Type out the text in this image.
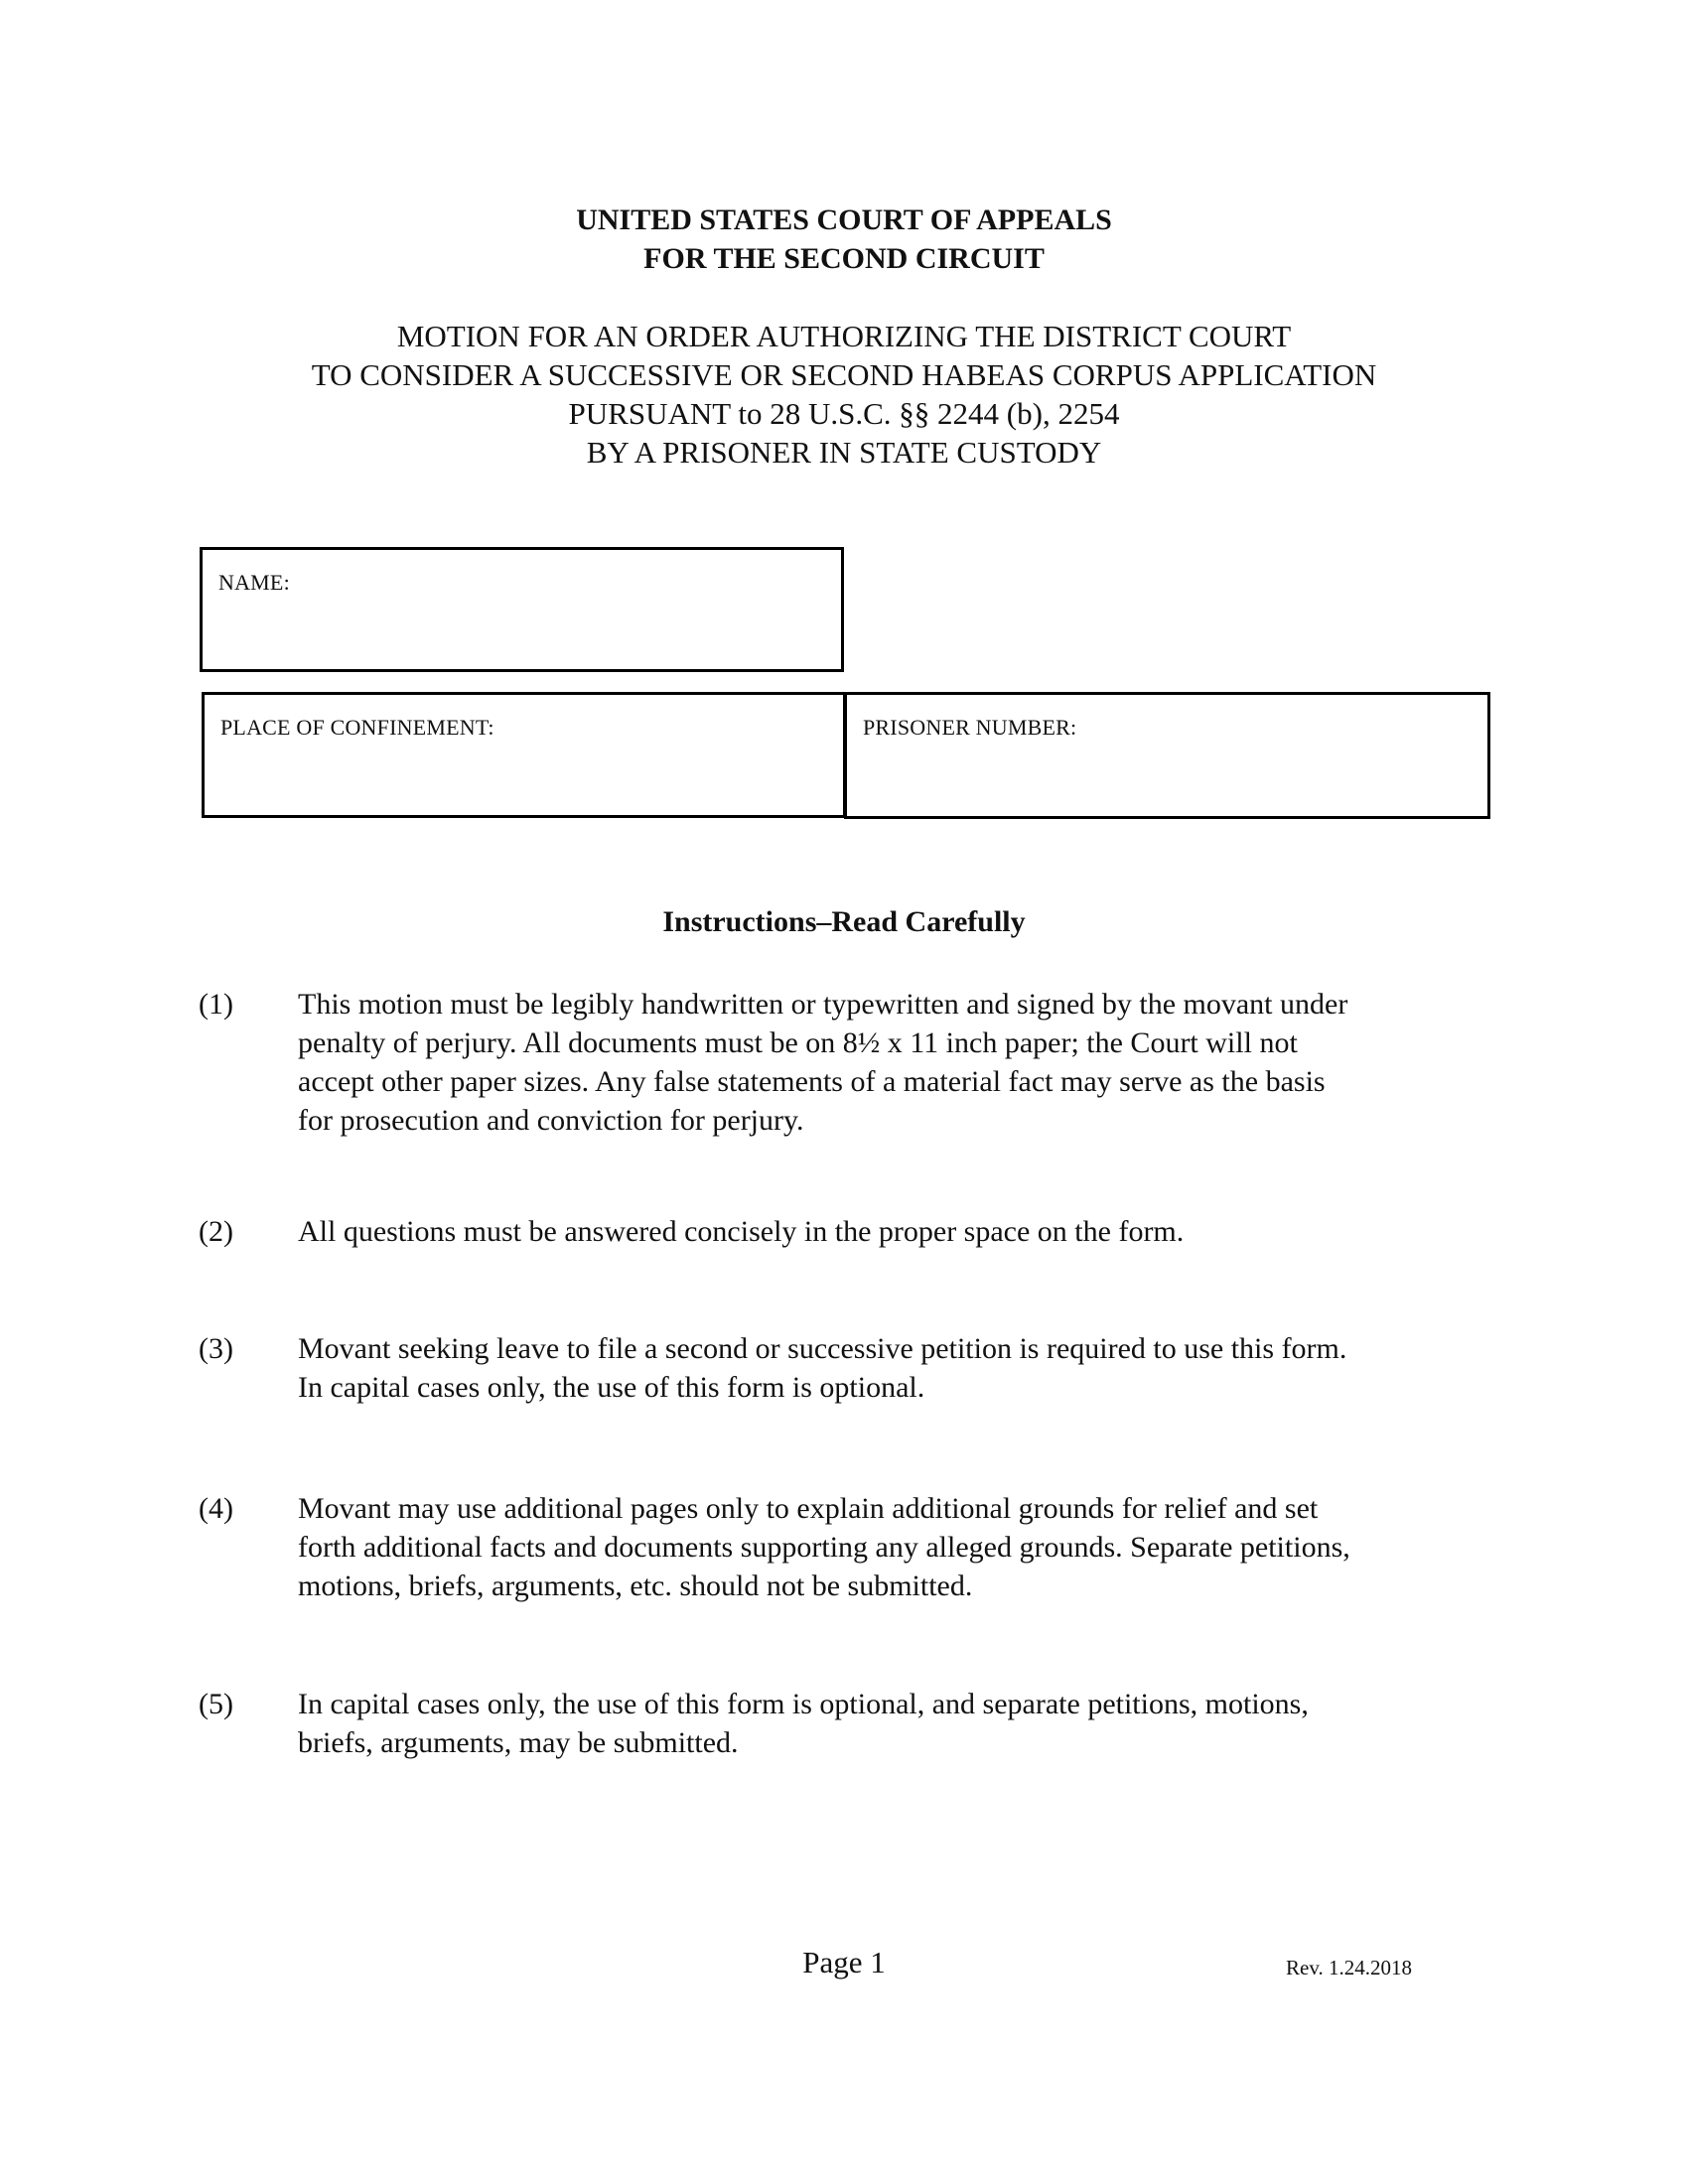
UNITED STATES COURT OF APPEALS
FOR THE SECOND CIRCUIT
MOTION FOR AN ORDER AUTHORIZING THE DISTRICT COURT
TO CONSIDER A SUCCESSIVE OR SECOND HABEAS CORPUS APPLICATION
PURSUANT to 28 U.S.C. §§ 2244 (b), 2254
BY A PRISONER IN STATE CUSTODY
NAME:
PLACE OF CONFINEMENT:	PRISONER NUMBER:
Instructions–Read Carefully
(1) This motion must be legibly handwritten or typewritten and signed by the movant under
penalty of perjury. All documents must be on 8½ x 11 inch paper; the Court will not
accept other paper sizes. Any false statements of a material fact may serve as the basis
for prosecution and conviction for perjury.
(2) All questions must be answered concisely in the proper space on the form.
(3) Movant seeking leave to file a second or successive petition is required to use this form.
In capital cases only, the use of this form is optional.
(4) Movant may use additional pages only to explain additional grounds for relief and set
forth additional facts and documents supporting any alleged grounds. Separate petitions,
motions, briefs, arguments, etc. should not be submitted.
(5) In capital cases only, the use of this form is optional, and separate petitions, motions,
briefs, arguments, may be submitted.
Page 1	Rev. 1.24.2018
